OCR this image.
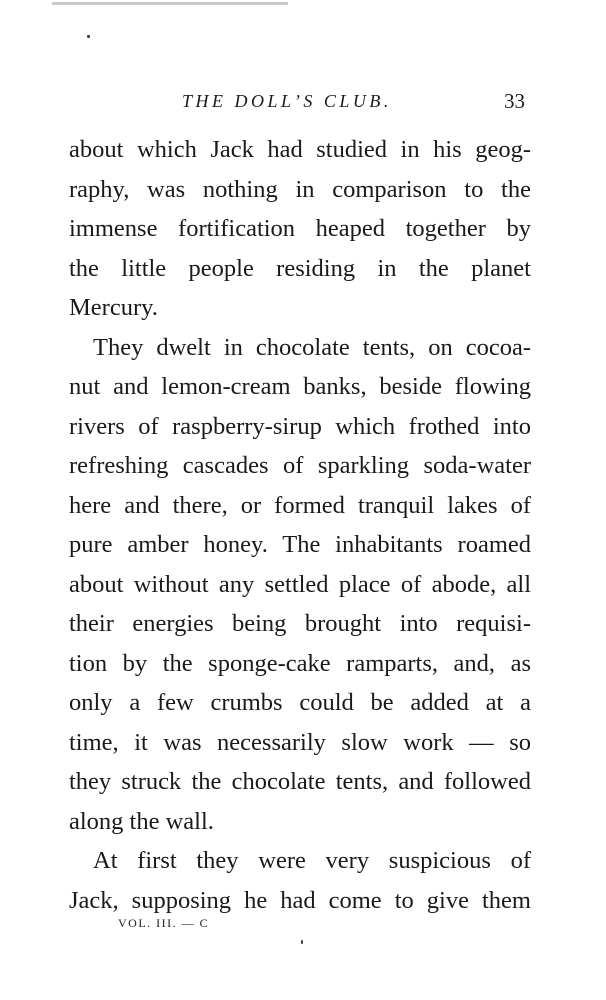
THE DOLL’S CLUB.	33
about which Jack had studied in his geog-
raphy, was nothing in comparison to the
immense fortification heaped together by
the little people residing in the planet
Mercury.
They dwelt in chocolate tents, on cocoa-
nut and lemon-cream banks, beside flowing
rivers of raspberry-sirup which frothed into
refreshing cascades of sparkling soda-water
here and there, or formed tranquil lakes of
pure amber honey. The inhabitants roamed
about without any settled place of abode, all
their energies being brought into requisi-
tion by the sponge-cake ramparts, and, as
only a few crumbs could be added at a
time, it was necessarily slow work — so
they struck the chocolate tents, and followed
along the wall.
At first they were very suspicious of
Jack, supposing he had come to give them
VOL. III. — C
